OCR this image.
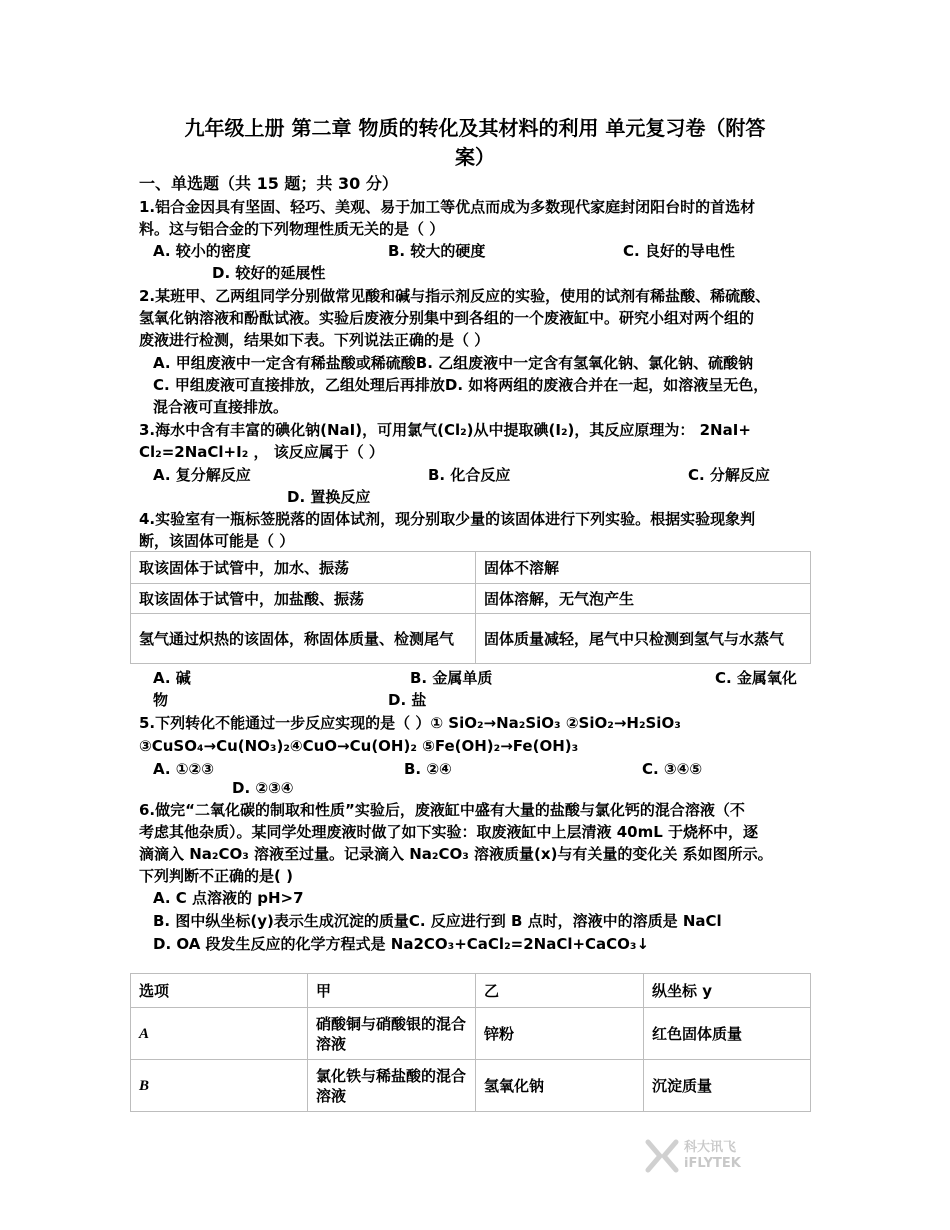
九年级上册 第二章 物质的转化及其材料的利用 单元复习卷（附答
案）
一、单选题（共 15 题；共 30 分）
1.铝合金因具有坚固、轻巧、美观、易于加工等优点而成为多数现代家庭封闭阳台时的首选材
料。这与铝合金的下列物理性质无关的是（ ）
A. 较小的密度	B. 较大的硬度	C. 良好的导电性
D. 较好的延展性
2.某班甲、乙两组同学分别做常见酸和碱与指示剂反应的实验，使用的试剂有稀盐酸、稀硫酸、
氢氧化钠溶液和酚酞试液。实验后废液分别集中到各组的一个废液缸中。研究小组对两个组的
废液进行检测，结果如下表。下列说法正确的是（ ）
A. 甲组废液中一定含有稀盐酸或稀硫酸B. 乙组废液中一定含有氢氧化钠、氯化钠、硫酸钠
C. 甲组废液可直接排放，乙组处理后再排放D. 如将两组的废液合并在一起，如溶液呈无色，
混合液可直接排放。
3.海水中含有丰富的碘化钠(NaI)，可用氯气(Cl₂)从中提取碘(I₂)，其反应原理为： 2NaI+
Cl₂=2NaCl+I₂ ， 该反应属于（ ）
A. 复分解反应	B. 化合反应	C. 分解反应
D. 置换反应
4.实验室有一瓶标签脱落的固体试剂，现分别取少量的该固体进行下列实验。根据实验现象判
断，该固体可能是（ ）
取该固体于试管中，加水、振荡	固体不溶解
取该固体于试管中，加盐酸、振荡	固体溶解，无气泡产生
氢气通过炽热的该固体，称固体质量、检测尾气	固体质量减轻，尾气中只检测到氢气与水蒸气
A. 碱	B. 金属单质	C. 金属氧化
物	D. 盐
5.下列转化不能通过一步反应实现的是（ ）① SiO₂→Na₂SiO₃ ②SiO₂→H₂SiO₃
③CuSO₄→Cu(NO₃)₂④CuO→Cu(OH)₂ ⑤Fe(OH)₂→Fe(OH)₃
A. ①②③	B. ②④	C. ③④⑤
D. ②③④
6.做完“二氧化碳的制取和性质”实验后，废液缸中盛有大量的盐酸与氯化钙的混合溶液（不
考虑其他杂质）。某同学处理废液时做了如下实验：取废液缸中上层清液 40mL 于烧杯中，逐
滴滴入 Na₂CO₃ 溶液至过量。记录滴入 Na₂CO₃ 溶液质量(x)与有关量的变化关 系如图所示。
下列判断不正确的是( )
A. C 点溶液的 pH>7
B. 图中纵坐标(y)表示生成沉淀的质量C. 反应进行到 B 点时，溶液中的溶质是 NaCl
D. OA 段发生反应的化学方程式是 Na2CO₃+CaCl₂=2NaCl+CaCO₃↓
选项	甲	乙	纵坐标 y
A	硝酸铜与硝酸银的混合溶液	锌粉	红色固体质量
B	氯化铁与稀盐酸的混合溶液	氢氧化钠	沉淀质量
科大讯飞
iFLYTEK
